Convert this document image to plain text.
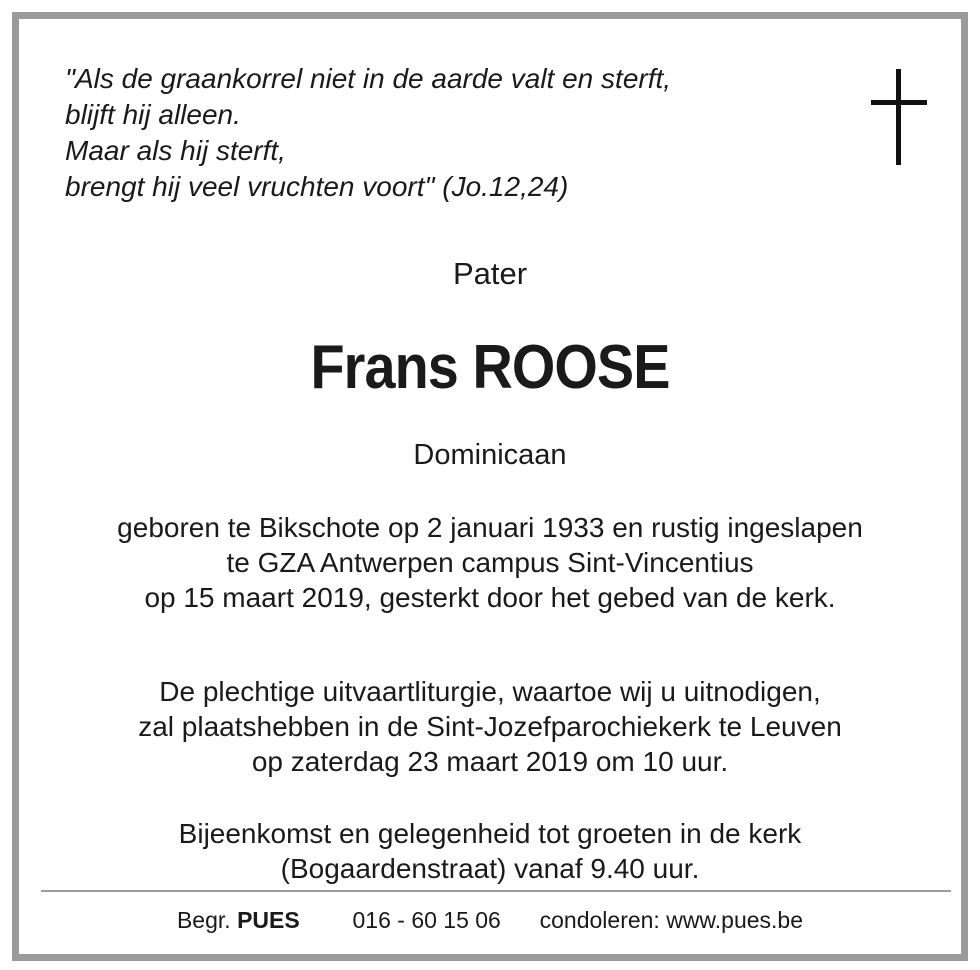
"Als de graankorrel niet in de aarde valt en sterft,
blijft hij alleen.
Maar als hij sterft,
brengt hij veel vruchten voort" (Jo.12,24)
Pater
Frans ROOSE
Dominicaan
geboren te Bikschote op 2 januari 1933 en rustig ingeslapen
te GZA Antwerpen campus Sint-Vincentius
op 15 maart 2019, gesterkt door het gebed van de kerk.
De plechtige uitvaartliturgie, waartoe wij u uitnodigen,
zal plaatshebben in de Sint-Jozefparochiekerk te Leuven
op zaterdag 23 maart 2019 om 10 uur.
Bijeenkomst en gelegenheid tot groeten in de kerk
(Bogaardenstraat) vanaf 9.40 uur.
Begr. PUES 016 - 60 15 06 condoleren: www.pues.be
